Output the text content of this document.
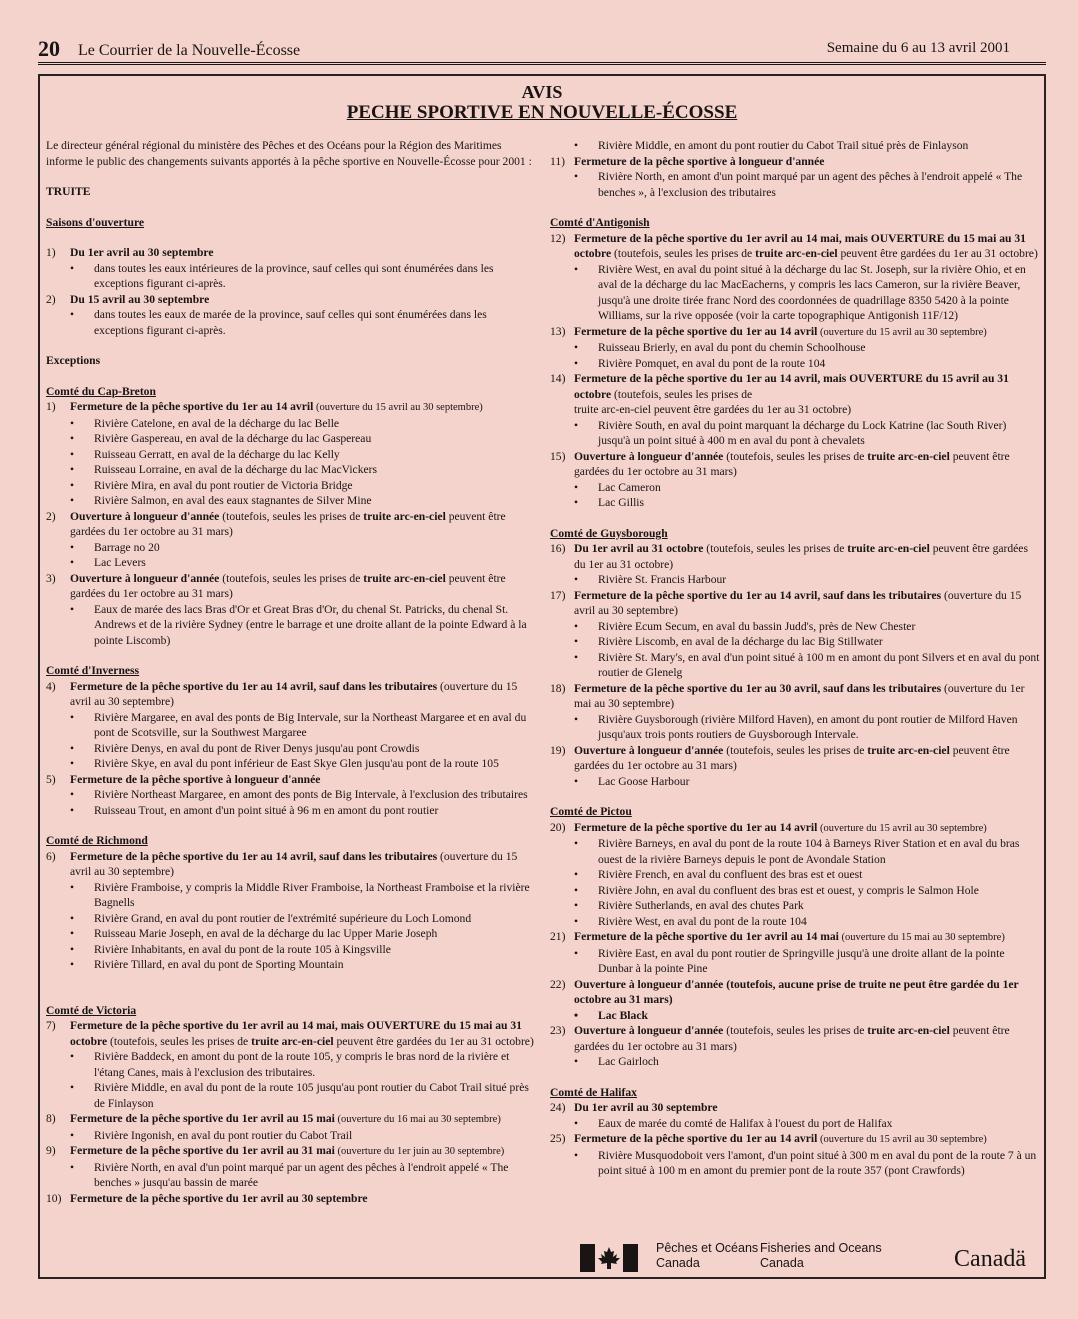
20 Le Courrier de la Nouvelle-Écosse	Semaine du 6 au 13 avril 2001
AVIS
PECHE SPORTIVE EN NOUVELLE-ÉCOSSE

Le directeur général régional du ministère des Pêches et des Océans pour la Région des Maritimes informe le public des changements suivants apportés à la pêche sportive en Nouvelle-Écosse pour 2001 :

TRUITE
Saisons d'ouverture
1) Du 1er avril au 30 septembre
• dans toutes les eaux intérieures de la province, sauf celles qui sont énumérées dans les exceptions figurant ci-après.
2) Du 15 avril au 30 septembre
• dans toutes les eaux de marée de la province, sauf celles qui sont énumérées dans les exceptions figurant ci-après.
Exceptions
Comté du Cap-Breton
1) Fermeture de la pêche sportive du 1er au 14 avril (ouverture du 15 avril au 30 septembre)
• Rivière Catelone, en aval de la décharge du lac Belle
• Rivière Gaspereau, en aval de la décharge du lac Gaspereau
• Ruisseau Gerratt, en aval de la décharge du lac Kelly
• Ruisseau Lorraine, en aval de la décharge du lac MacVickers
• Rivière Mira, en aval du pont routier de Victoria Bridge
• Rivière Salmon, en aval des eaux stagnantes de Silver Mine
2) Ouverture à longueur d'année (toutefois, seules les prises de truite arc-en-ciel peuvent être gardées du 1er octobre au 31 mars)
• Barrage no 20
• Lac Levers
3) Ouverture à longueur d'année (toutefois, seules les prises de truite arc-en-ciel peuvent être gardées du 1er octobre au 31 mars)
• Eaux de marée des lacs Bras d'Or et Great Bras d'Or, du chenal St. Patricks, du chenal St. Andrews et de la rivière Sydney (entre le barrage et une droite allant de la pointe Edward à la pointe Liscomb)
Comté d'Inverness
4) Fermeture de la pêche sportive du 1er au 14 avril, sauf dans les tributaires (ouverture du 15 avril au 30 septembre)
• Rivière Margaree, en aval des ponts de Big Intervale, sur la Northeast Margaree et en aval du pont de Scotsville, sur la Southwest Margaree
• Rivière Denys, en aval du pont de River Denys jusqu'au pont Crowdis
• Rivière Skye, en aval du pont inférieur de East Skye Glen jusqu'au pont de la route 105
5) Fermeture de la pêche sportive à longueur d'année
• Rivière Northeast Margaree, en amont des ponts de Big Intervale, à l'exclusion des tributaires
• Ruisseau Trout, en amont d'un point situé à 96 m en amont du pont routier
Comté de Richmond
6) Fermeture de la pêche sportive du 1er au 14 avril, sauf dans les tributaires (ouverture du 15 avril au 30 septembre)
• Rivière Framboise, y compris la Middle River Framboise, la Northeast Framboise et la rivière Bagnells
• Rivière Grand, en aval du pont routier de l'extrémité supérieure du Loch Lomond
• Ruisseau Marie Joseph, en aval de la décharge du lac Upper Marie Joseph
• Rivière Inhabitants, en aval du pont de la route 105 à Kingsville
• Rivière Tillard, en aval du pont de Sporting Mountain
Comté de Victoria
7) Fermeture de la pêche sportive du 1er avril au 14 mai, mais OUVERTURE du 15 mai au 31 octobre (toutefois, seules les prises de truite arc-en-ciel peuvent être gardées du 1er au 31 octobre)
• Rivière Baddeck, en amont du pont de la route 105, y compris le bras nord de la rivière et l'étang Canes, mais à l'exclusion des tributaires.
• Rivière Middle, en aval du pont de la route 105 jusqu'au pont routier du Cabot Trail situé près de Finlayson
8) Fermeture de la pêche sportive du 1er avril au 15 mai (ouverture du 16 mai au 30 septembre)
• Rivière Ingonish, en aval du pont routier du Cabot Trail
9) Fermeture de la pêche sportive du 1er avril au 31 mai (ouverture du 1er juin au 30 septembre)
• Rivière North, en aval d'un point marqué par un agent des pêches à l'endroit appelé « The benches » jusqu'au bassin de marée
10) Fermeture de la pêche sportive du 1er avril au 30 septembre
• Rivière Middle, en amont du pont routier du Cabot Trail situé près de Finlayson
11) Fermeture de la pêche sportive à longueur d'année
• Rivière North, en amont d'un point marqué par un agent des pêches à l'endroit appelé « The benches », à l'exclusion des tributaires
Comté d'Antigonish
12) Fermeture de la pêche sportive du 1er avril au 14 mai, mais OUVERTURE du 15 mai au 31 octobre (toutefois, seules les prises de truite arc-en-ciel peuvent être gardées du 1er au 31 octobre)
• Rivière West, en aval du point situé à la décharge du lac St. Joseph, sur la rivière Ohio, et en aval de la décharge du lac MacEacherns, y compris les lacs Cameron, sur la rivière Beaver, jusqu'à une droite tirée franc Nord des coordonnées de quadrillage 8350 5420 à la pointe Williams, sur la rive opposée (voir la carte topographique Antigonish 11F/12)
13) Fermeture de la pêche sportive du 1er au 14 avril (ouverture du 15 avril au 30 septembre)
• Ruisseau Brierly, en aval du pont du chemin Schoolhouse
• Rivière Pomquet, en aval du pont de la route 104
14) Fermeture de la pêche sportive du 1er au 14 avril, mais OUVERTURE du 15 avril au 31 octobre (toutefois, seules les prises de
truite arc-en-ciel peuvent être gardées du 1er au 31 octobre)
• Rivière South, en aval du point marquant la décharge du Lock Katrine (lac South River) jusqu'à un point situé à 400 m en aval du pont à chevalets
15) Ouverture à longueur d'année (toutefois, seules les prises de truite arc-en-ciel peuvent être gardées du 1er octobre au 31 mars)
• Lac Cameron
• Lac Gillis
Comté de Guysborough
16) Du 1er avril au 31 octobre (toutefois, seules les prises de truite arc-en-ciel peuvent être gardées du 1er au 31 octobre)
• Rivière St. Francis Harbour
17) Fermeture de la pêche sportive du 1er au 14 avril, sauf dans les tributaires (ouverture du 15 avril au 30 septembre)
• Rivière Ecum Secum, en aval du bassin Judd's, près de New Chester
• Rivière Liscomb, en aval de la décharge du lac Big Stillwater
• Rivière St. Mary's, en aval d'un point situé à 100 m en amont du pont Silvers et en aval du pont routier de Glenelg
18) Fermeture de la pêche sportive du 1er au 30 avril, sauf dans les tributaires (ouverture du 1er mai au 30 septembre)
• Rivière Guysborough (rivière Milford Haven), en amont du pont routier de Milford Haven jusqu'aux trois ponts routiers de Guysborough Intervale.
19) Ouverture à longueur d'année (toutefois, seules les prises de truite arc-en-ciel peuvent être gardées du 1er octobre au 31 mars)
• Lac Goose Harbour
Comté de Pictou
20) Fermeture de la pêche sportive du 1er au 14 avril (ouverture du 15 avril au 30 septembre)
• Rivière Barneys, en aval du pont de la route 104 à Barneys River Station et en aval du bras ouest de la rivière Barneys depuis le pont de Avondale Station
• Rivière French, en aval du confluent des bras est et ouest
• Rivière John, en aval du confluent des bras est et ouest, y compris le Salmon Hole
• Rivière Sutherlands, en aval des chutes Park
• Rivière West, en aval du pont de la route 104
21) Fermeture de la pêche sportive du 1er avril au 14 mai (ouverture du 15 mai au 30 septembre)
• Rivière East, en aval du pont routier de Springville jusqu'à une droite allant de la pointe Dunbar à la pointe Pine
22) Ouverture à longueur d'année (toutefois, aucune prise de truite ne peut être gardée du 1er octobre au 31 mars)
• Lac Black
23) Ouverture à longueur d'année (toutefois, seules les prises de truite arc-en-ciel peuvent être gardées du 1er octobre au 31 mars)
• Lac Gairloch
Comté de Halifax
24) Du 1er avril au 30 septembre
• Eaux de marée du comté de Halifax à l'ouest du port de Halifax
25) Fermeture de la pêche sportive du 1er au 14 avril (ouverture du 15 avril au 30 septembre)
• Rivière Musquodoboit vers l'amont, d'un point situé à 300 m en aval du pont de la route 7 à un point situé à 100 m en amont du premier pont de la route 357 (pont Crawfords)
Pêches et Océans
Canada
Fisheries and Oceans
Canada	Canadä
